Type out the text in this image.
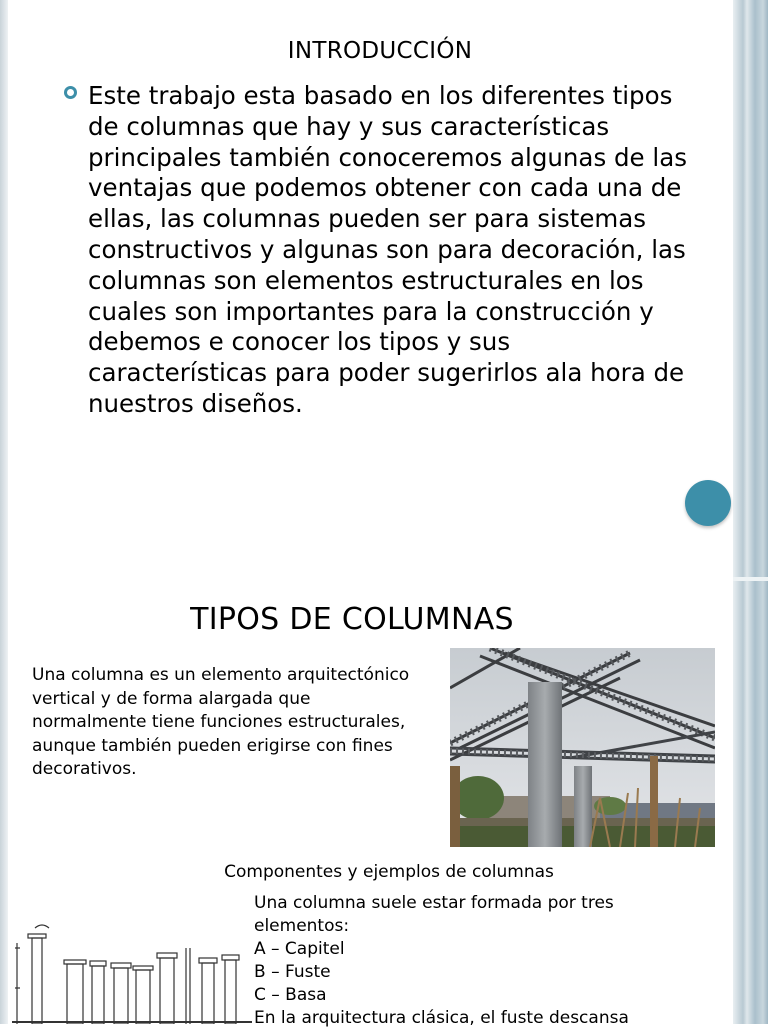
INTRODUCCIÓN
Este trabajo esta basado en los diferentes tipos de columnas que hay y sus características principales también conoceremos algunas de las ventajas que podemos obtener con cada una de ellas, las columnas pueden ser para sistemas constructivos y algunas son para decoración, las columnas son elementos estructurales en los cuales son importantes para la construcción y debemos e conocer los tipos y sus características para poder sugerirlos ala hora de nuestros diseños.
TIPOS DE COLUMNAS
Una columna es un elemento arquitectónico
vertical y de forma alargada que
normalmente tiene funciones estructurales,
aunque también pueden erigirse con fines
decorativos.
Componentes y ejemplos de columnas
Una columna suele estar formada por tres
elementos:
A – Capitel
B – Fuste
C – Basa
En la arquitectura clásica, el fuste descansa
